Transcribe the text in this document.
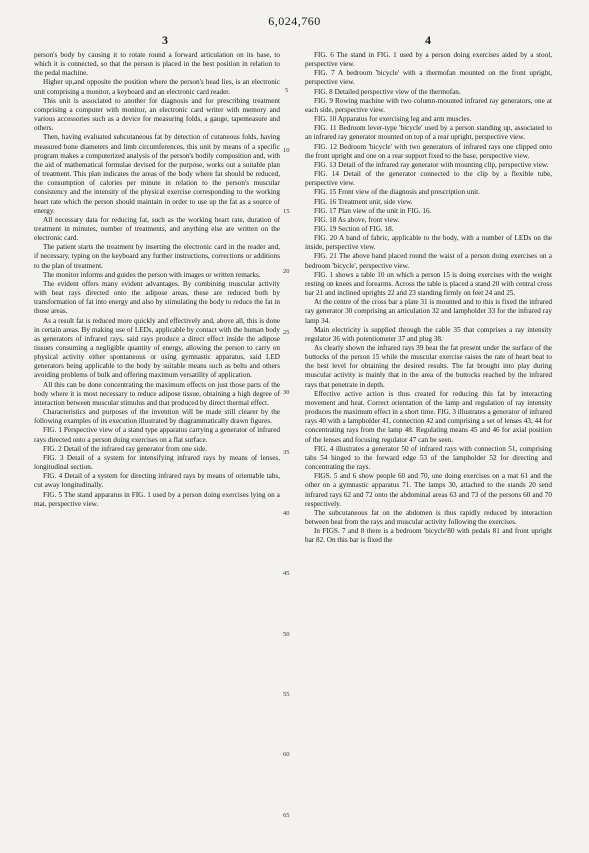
6,024,760
3	4

person's body by causing it to rotate round a forward articulation on its base, to which it is connected, so that the person is placed in the best position in relation to the pedal machine.

Higher up,and opposite the position where the person's head lies, is an electronic unit comprising a monitor, a keyboard and an electronic card reader.

This unit is associated to another for diagnosis and for prescribing treatment comprising a computer with monitor, an electronic card writer with memory and various accessories such as a device for measuring folds, a gauge, tapemeasure and others.

Then, having evaluated subcutaneous fat by detection of cutaneous folds, having measured bone diameters and limb circumferences, this unit by means of a specific program makes a computerized analysis of the person's bodily composition and, with the aid of mathematical formulae devised for the purpose, works out a suitable plan of treatment. This plan indicates the areas of the body where fat should be reduced, the consumption of calories per minute in relation to the person's muscular consistency and the intensity of the physical exercise corresponding to the working heart rate which the person should maintain in order to use up the fat as a source of energy.

All necessary data for reducing fat, such as the working heart rate, duration of treatment in minutes, number of treatments, and anything else are written on the electronic card.

The patient starts the treatment by inserting the electronic card in the reader and, if necessary, typing on the keyboard any further instructions, corrections or additions to the plan of treatment.

The monitor informs and guides the person with images or written remarks.

The evident offers many evident advantages. By combining muscular activity with heat rays directed onto the adipose areas, these are reduced both by transformation of fat into energy and also by stimulating the body to reduce the fat in those areas.

As a result fat is reduced more quickly and effectively and, above all, this is done in certain areas. By making use of LEDs, applicable by contact with the human body as generators of infrared rays, said rays produce a direct effect inside the adipose tissues consuming a negligible quantity of energy, allowing the person to carry on physical activity either spontaneous or using gymnastic apparatus, said LED generators being applicable to the body by suitable means such as belts and others avoiding problems of bulk and offering maximum versatility of application.

All this can be done concentrating the maximum effects on just those parts of the body where it is most necessary to reduce adipose tissue, obtaining a high degree of interaction between muscular stimulus and that produced by direct thermal effect.

Characteristics and purposes of the invention will be made still clearer by the following examples of its execution illustrated by diagrammatically drawn figures.

FIG. 1 Perspective view of a stand type apparatus carrying a generator of infrared rays directed onto a person doing exercises on a flat surface.

FIG. 2 Detail of the infrared ray generator from one side.

FIG. 3 Detail of a system for intensifying infrared rays by means of lenses, longitudinal section.

FIG. 4 Detail of a system for directing infrared rays by means of orientable tabs, cut away longitudinally.

FIG. 5 The stand apparatus in FIG. 1 used by a person doing exercises lying on a mat, perspective view.

5
10
15
20
25
30
35
40
45
50
55
60
65

FIG. 6 The stand in FIG. 1 used by a person doing exercises aided by a stool, perspective view.

FIG. 7 A bedroom 'bicycle' with a thermofan mounted on the front upright, perspective view.

FIG. 8 Detailed perspective view of the thermofan.

FIG. 9 Rowing machine with two column-mounted infrared ray generators, one at each side, perspective view.

FIG. 10 Apparatus for exercising leg and arm muscles.

FIG. 11 Bedroom lever-type 'bicycle' used by a person standing up, associated to an infrared ray generator mounted on top of a rear upright, perspective view.

FIG. 12 Bedroom 'bicycle' with two generators of infrared rays one clipped onto the front upright and one on a rear support fixed to the base, perspective view.

FIG. 13 Detail of the infrared ray generator with mounting clip, perspective view.

FIG. 14 Detail of the generator connected to the clip by a flexible tube, perspective view.

FIG. 15 Front view of the diagnosis and prescription unit.

FIG. 16 Treatment unit, side view.

FIG. 17 Plan view of the unit in FIG. 16.

FIG. 18 As above, front view.

FIG. 19 Section of FIG. 18.

FIG. 20 A band of fabric, applicable to the body, with a number of LEDs on the inside, perspective view.

FIG. 21 The above band placed round the waist of a person doing exercises on a bedroom 'bicycle', perspective view.

FIG. 1 shows a table 10 on which a person 15 is doing exercises with the weight resting on knees and forearms. Across the table is placed a stand 20 with central cross bar 21 and inclined uprights 22 and 23 standing firmly on feet 24 and 25.

At the centre of the cross bar a plate 31 is mounted and to this is fixed the infrared ray generator 30 comprising an articulation 32 and lampholder 33 for the infrared ray lamp 34.

Main electricity is supplied through the cable 35 that comprises a ray intensity regulator 36 with potentiometer 37 and plug 38.

As clearly shown the infrared rays 39 heat the fat present under the surface of the buttocks of the person 15 while the muscular exercise raises the rate of heart beat to the best level for obtaining the desired results. The fat brought into play during muscular activity is mainly that in the area of the buttocks reached by the infrared rays that penetrate in depth.

Effective active action is thus created for reducing this fat by interacting movement and heat. Correct orientation of the lamp and regulation of ray intensity produces the maximum effect in a short time. FIG. 3 illustrates a generator of infrared rays 40 with a lampholder 41, connection 42 and comprising a set of lenses 43, 44 for concentrating rays from the lamp 48. Regulating means 45 and 46 for axial position of the lenses and focusing regulator 47 can be seen.

FIG. 4 illustrates a generator 50 of infrared rays with connection 51, comprising tabs 54 hinged to the forward edge 53 of the lampholder 52 for directing and concentrating the rays.

FIGS. 5 and 6 show people 60 and 70, one doing exercises on a mat 61 and the other on a gymnastic apparatus 71. The lamps 30, attached to the stands 20 send infrared rays 62 and 72 onto the abdominal areas 63 and 73 of the persons 60 and 70 respectively.

The subcutaneous fat on the abdomen is thus rapidly reduced by interaction between heat from the rays and muscular activity following the exercises.

In FIGS. 7 and 8 there is a bedroom 'bicycle'80 with pedals 81 and front upright bar 82. On this bar is fixed the
